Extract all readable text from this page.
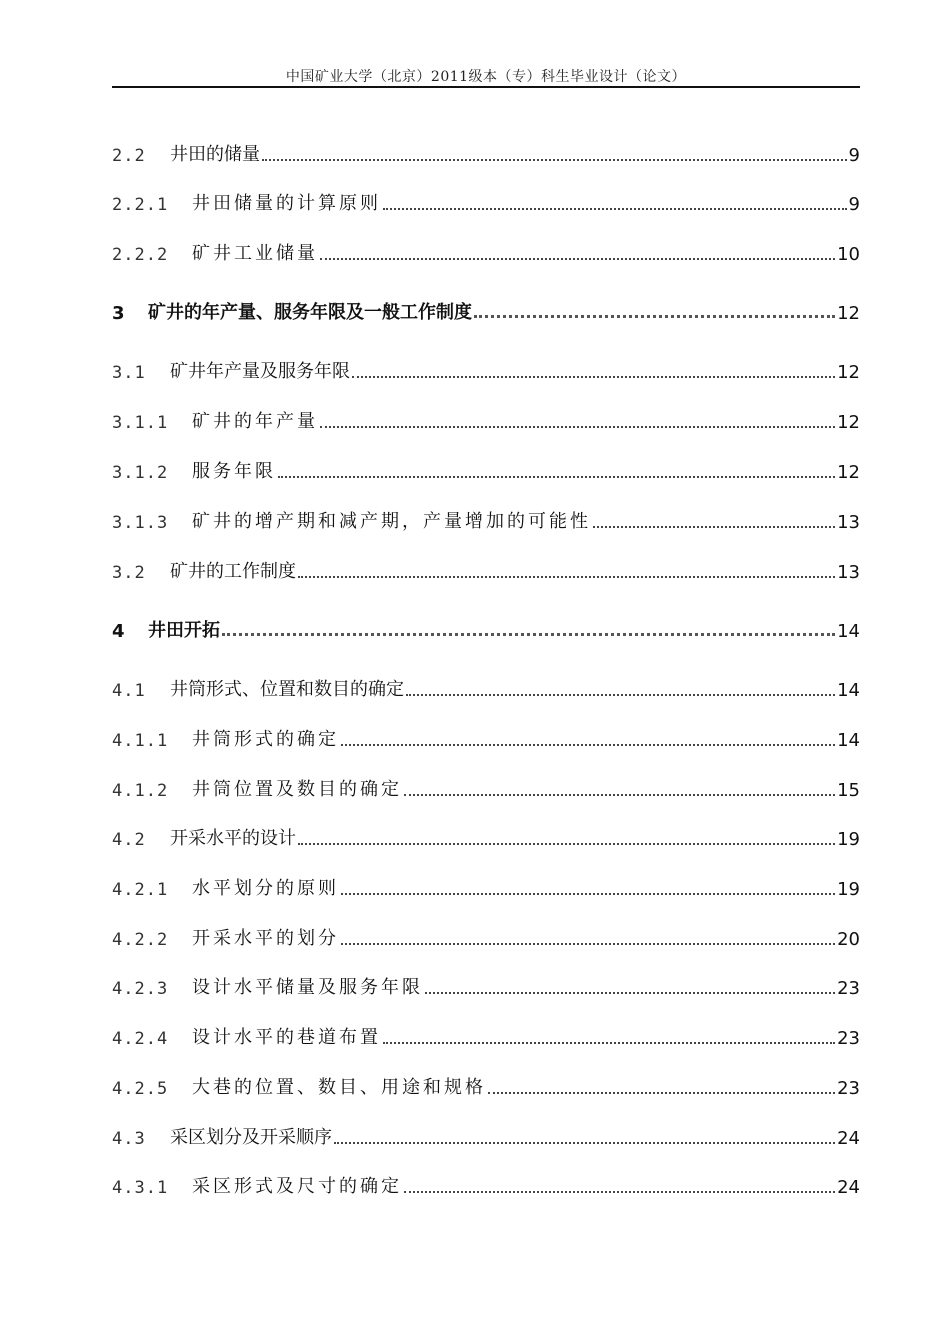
中国矿业大学（北京）2011级本（专）科生毕业设计（论文）
2.2	井田的储量	9
2.2.1	井田储量的计算原则	9
2.2.2	矿井工业储量	10
3	矿井的年产量、服务年限及一般工作制度	12
3.1	矿井年产量及服务年限	12
3.1.1	矿井的年产量	12
3.1.2	服务年限	12
3.1.3	矿井的增产期和减产期，产量增加的可能性	13
3.2	矿井的工作制度	13
4	井田开拓	14
4.1	井筒形式、位置和数目的确定	14
4.1.1	井筒形式的确定	14
4.1.2	井筒位置及数目的确定	15
4.2	开采水平的设计	19
4.2.1	水平划分的原则	19
4.2.2	开采水平的划分	20
4.2.3	设计水平储量及服务年限	23
4.2.4	设计水平的巷道布置	23
4.2.5	大巷的位置、数目、用途和规格	23
4.3	采区划分及开采顺序	24
4.3.1	采区形式及尺寸的确定	24
